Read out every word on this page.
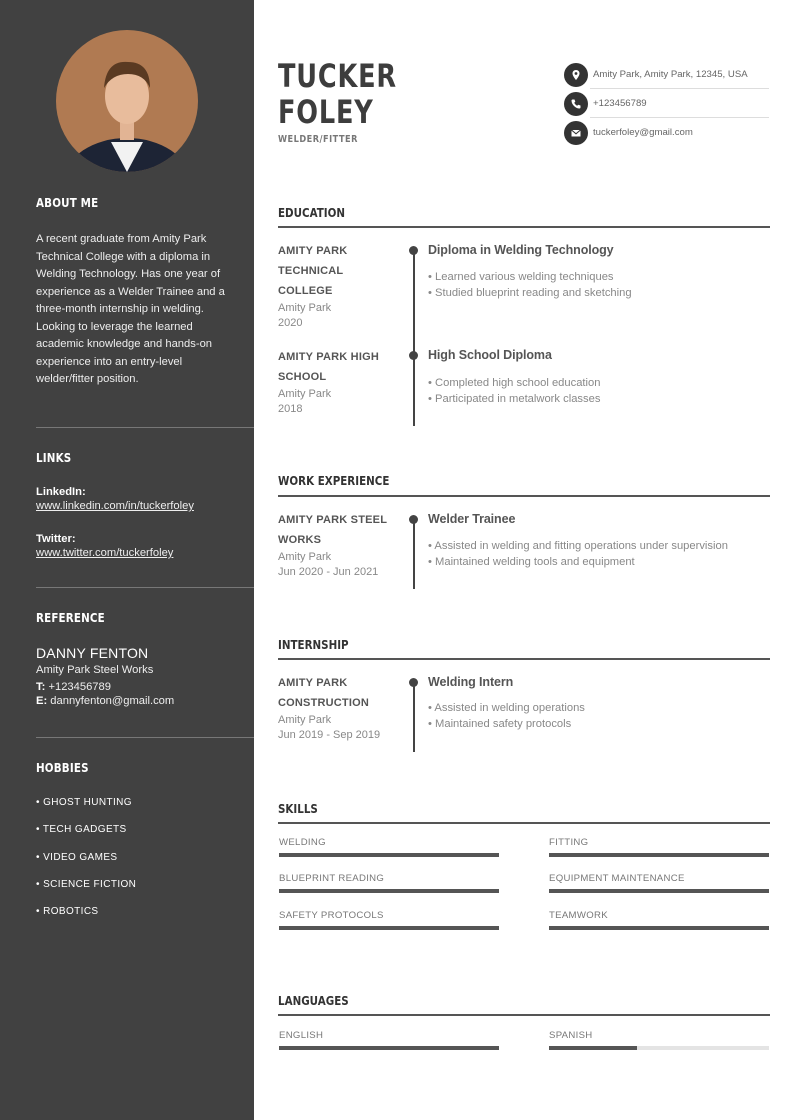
ABOUT ME
A recent graduate from Amity Park Technical College with a diploma in Welding Technology. Has one year of experience as a Welder Trainee and a three-month internship in welding. Looking to leverage the learned academic knowledge and hands-on experience into an entry-level welder/fitter position.
LINKS
LinkedIn:
www.linkedin.com/in/tuckerfoley
Twitter:
www.twitter.com/tuckerfoley
REFERENCE
DANNY FENTON
Amity Park Steel Works
T: +123456789
E: dannyfenton@gmail.com
HOBBIES
• GHOST HUNTING
• TECH GADGETS
• VIDEO GAMES
• SCIENCE FICTION
• ROBOTICS
TUCKER
FOLEY
WELDER/FITTER
Amity Park, Amity Park, 12345, USA
+123456789
tuckerfoley@gmail.com
EDUCATION
AMITY PARK TECHNICAL COLLEGE
Amity Park
2020
Diploma in Welding Technology
• Learned various welding techniques
• Studied blueprint reading and sketching
AMITY PARK HIGH SCHOOL
Amity Park
2018
High School Diploma
• Completed high school education
• Participated in metalwork classes
WORK EXPERIENCE
AMITY PARK STEEL WORKS
Amity Park
Jun 2020 - Jun 2021
Welder Trainee
• Assisted in welding and fitting operations under supervision
• Maintained welding tools and equipment
INTERNSHIP
AMITY PARK CONSTRUCTION
Amity Park
Jun 2019 - Sep 2019
Welding Intern
• Assisted in welding operations
• Maintained safety protocols
SKILLS
WELDING	FITTING
BLUEPRINT READING	EQUIPMENT MAINTENANCE
SAFETY PROTOCOLS	TEAMWORK
LANGUAGES
ENGLISH	SPANISH
